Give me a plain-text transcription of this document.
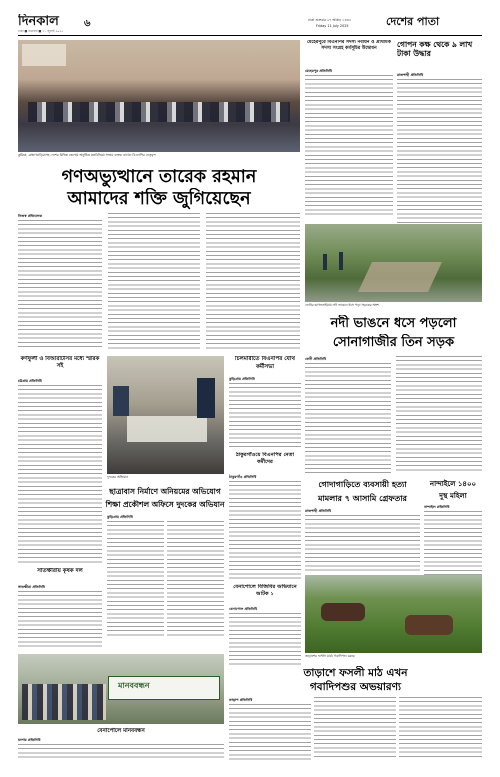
দিনকাল
ঢাকা ■ শুক্রবার ■ ১১ জুলাই ২০২৫
৬	ঢাকা শুক্রবার ২৭ আষাঢ় ১৪৩২
Friday 11 July 2025	দেশের পাতা
কুমিল্লা, ব্রাহ্মণবাড়িয়াসহ দেশের বিভিন্ন জেলায় অনুষ্ঠিত মতবিনিময় সভায় বক্তব্য রাখেন বিএনপির নেতৃবৃন্দ
গণঅভ্যুত্থানে তারেক রহমান
আমাদের শক্তি জুগিয়েছেন
নিজস্ব প্রতিবেদক
মেহেরপুরে বিএনপির সদস্য নবায়ন ও প্রাথমিক সদস্য সংগ্রহ কর্মসূচির উদ্বোধন
মেহেরপুর প্রতিনিধি
গোপন কক্ষ থেকে ৯ লাখ টাকা উদ্ধার
রাজশাহী প্রতিনিধি
ফেনীর ছাগলনাইয়ায় নদী ভাঙনে ধসে পড়া সড়কের অংশ
নদী ভাঙনে ধসে পড়লো
সোনাগাজীর তিন সড়ক
ফেনী প্রতিনিধি
কর্ণফুলী ও বিআরটিসির মধ্যে স্মারক সই
চট্টগ্রাম প্রতিনিধি
চিলমারীতে বিএনপির যৌথ কর্মীসভা
কুড়িগ্রাম প্রতিনিধি
ঠাকুরগাঁওয়ে বিএনপির নেতা কর্মীদের
ঠাকুরগাঁও প্রতিনিধি
দুদকের অভিযান
ছাত্রাবাস নির্মাণে অনিয়মের অভিযোগ
শিক্ষা প্রকৌশল অফিসে দুদকের অভিযান
কুড়িগ্রাম প্রতিনিধি
গোদাগাড়িতে ব্যবসায়ী হত্যা
মামলার ৭ আসামি গ্রেফতার
রাজশাহী প্রতিনিধি
নান্দাইলে ১৪০০
দুস্থ মহিলা
নান্দাইল প্রতিনিধি
বেনাপোলে বিজিবির অভিযানে আটক ১
বেনাপোল প্রতিনিধি
তাড়াশের ফসলি মাঠে গবাদিপশু চরছে
তাড়াশে ফসলী মাঠ এখন
গবাদিপশুর অভয়ারণ্য
তাড়াশ প্রতিনিধি
সাতক্ষীরায় কৃষক দল
সাতক্ষীরা প্রতিনিধি
মানববন্ধন
বেনাপোলে মানববন্ধন
যশোর প্রতিনিধি
